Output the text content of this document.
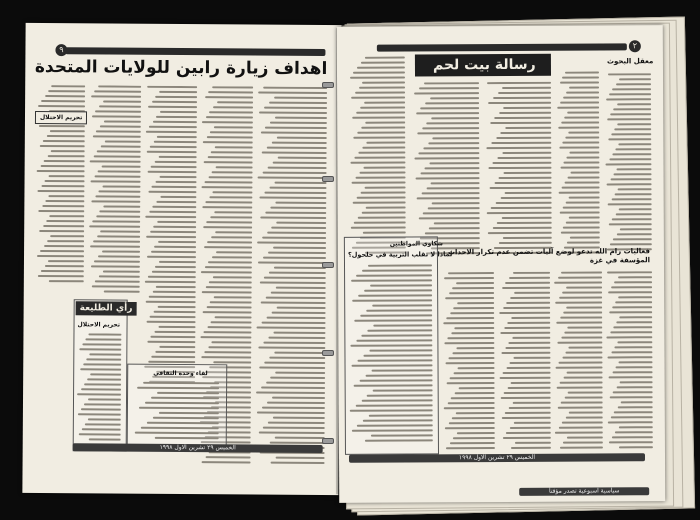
٩
اهداف زيارة رابين للولايات المتحدة
تحريم الاحتلال
رأي الطليعة
تحريم الاحتلال
لقاء وحدة الثقافي
الخميس ٢٩ تشرين الاول ١٩٩٨
٢
رسالة بيت لحم	معقل البحوث
شكاوي المواطنين
لماذا لا نقلب التربية في حلحول؟
فعاليات رام الله تدعو لوضع آليات تضمن عدم تكرار الاحداث المؤسفة في غزة
الخميس ٢٩ تشرين الاول ١٩٩٨
سياسية اسبوعية تصدر مؤقتاً
